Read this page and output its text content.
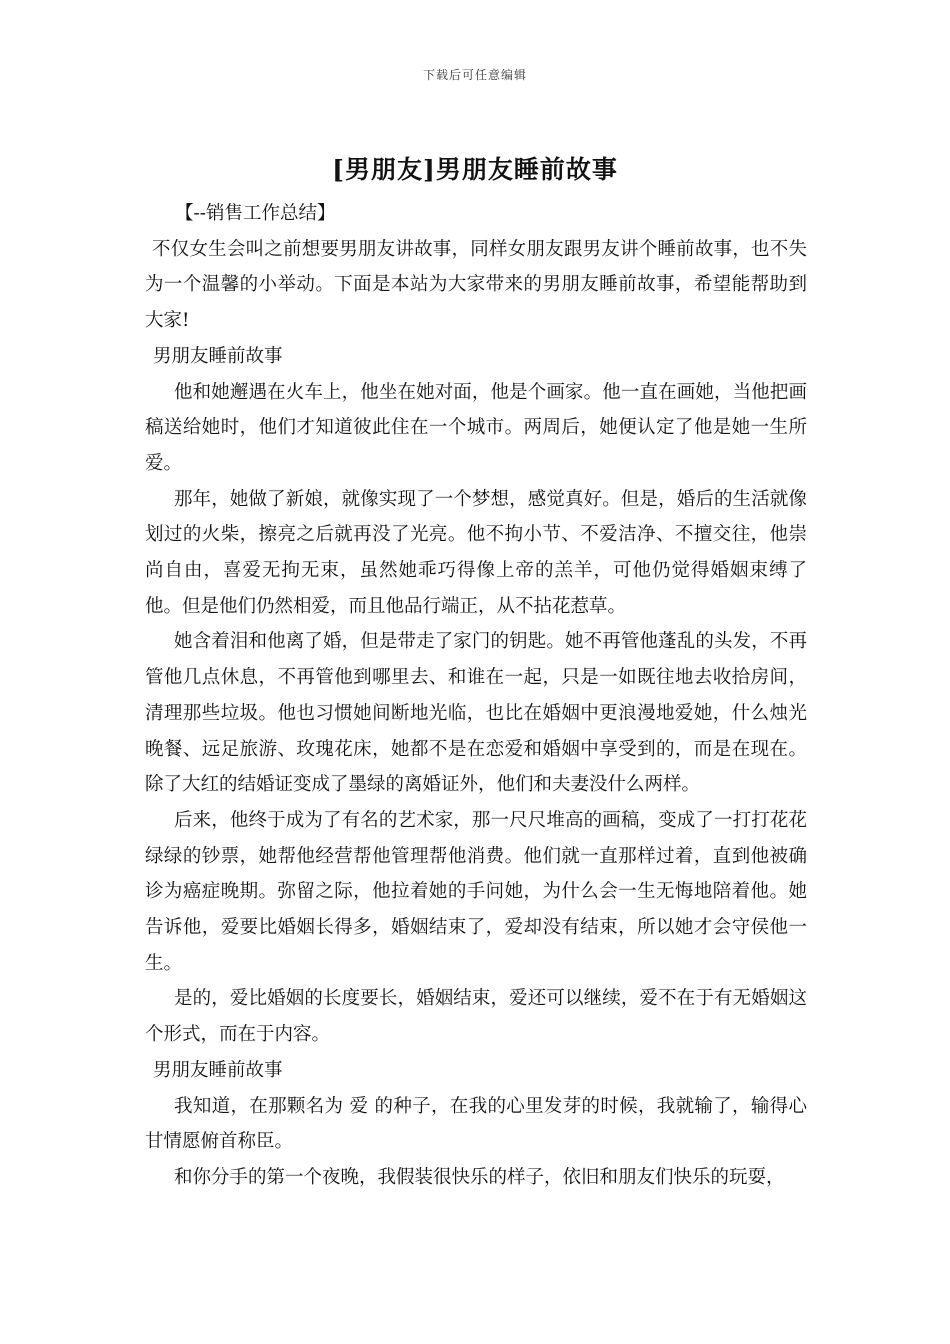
下载后可任意编辑
[男朋友]男朋友睡前故事

【--销售工作总结】

不仅女生会叫之前想要男朋友讲故事，同样女朋友跟男友讲个睡前故事，也不失为一个温馨的小举动。下面是本站为大家带来的男朋友睡前故事，希望能帮助到大家!

男朋友睡前故事

他和她邂遇在火车上，他坐在她对面，他是个画家。他一直在画她，当他把画稿送给她时，他们才知道彼此住在一个城市。两周后，她便认定了他是她一生所爱。

那年，她做了新娘，就像实现了一个梦想，感觉真好。但是，婚后的生活就像划过的火柴，擦亮之后就再没了光亮。他不拘小节、不爱洁净、不擅交往，他崇尚自由，喜爱无拘无束，虽然她乖巧得像上帝的羔羊，可他仍觉得婚姻束缚了他。但是他们仍然相爱，而且他品行端正，从不拈花惹草。

她含着泪和他离了婚，但是带走了家门的钥匙。她不再管他蓬乱的头发，不再管他几点休息，不再管他到哪里去、和谁在一起，只是一如既往地去收拾房间，清理那些垃圾。他也习惯她间断地光临，也比在婚姻中更浪漫地爱她，什么烛光晚餐、远足旅游、玫瑰花床，她都不是在恋爱和婚姻中享受到的，而是在现在。除了大红的结婚证变成了墨绿的离婚证外，他们和夫妻没什么两样。

后来，他终于成为了有名的艺术家，那一尺尺堆高的画稿，变成了一打打花花绿绿的钞票，她帮他经营帮他管理帮他消费。他们就一直那样过着，直到他被确诊为癌症晚期。弥留之际，他拉着她的手问她，为什么会一生无悔地陪着他。她告诉他，爱要比婚姻长得多，婚姻结束了，爱却没有结束，所以她才会守侯他一生。

是的，爱比婚姻的长度要长，婚姻结束，爱还可以继续，爱不在于有无婚姻这个形式，而在于内容。

男朋友睡前故事

我知道，在那颗名为 爱 的种子，在我的心里发芽的时候，我就输了，输得心甘情愿俯首称臣。

和你分手的第一个夜晚，我假装很快乐的样子，依旧和朋友们快乐的玩耍，
